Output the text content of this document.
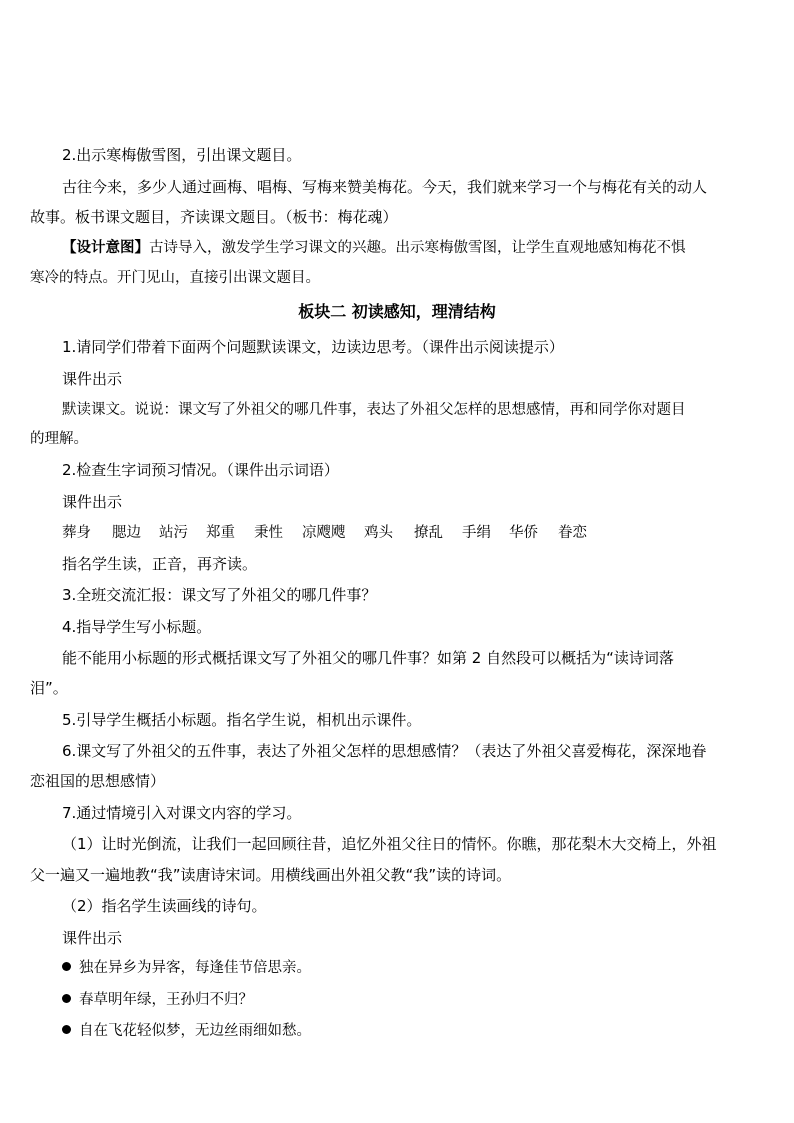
2.出示寒梅傲雪图，引出课文题目。
古往今来，多少人通过画梅、唱梅、写梅来赞美梅花。今天，我们就来学习一个与梅花有关的动人
故事。板书课文题目，齐读课文题目。（板书：梅花魂）
【设计意图】古诗导入，激发学生学习课文的兴趣。出示寒梅傲雪图，让学生直观地感知梅花不惧
寒冷的特点。开门见山，直接引出课文题目。
板块二 初读感知，理清结构
1.请同学们带着下面两个问题默读课文，边读边思考。（课件出示阅读提示）
课件出示
默读课文。说说：课文写了外祖父的哪几件事，表达了外祖父怎样的思想感情，再和同学你对题目
的理解。
2.检查生字词预习情况。（课件出示词语）
课件出示
葬身 腮边 站污 郑重 秉性 凉飕飕 鸡头 撩乱 手绢 华侨 眷恋
指名学生读，正音，再齐读。
3.全班交流汇报：课文写了外祖父的哪几件事？
4.指导学生写小标题。
能不能用小标题的形式概括课文写了外祖父的哪几件事？如第 2 自然段可以概括为“读诗词落
泪”。
5.引导学生概括小标题。指名学生说，相机出示课件。
6.课文写了外祖父的五件事，表达了外祖父怎样的思想感情？（表达了外祖父喜爱梅花，深深地眷
恋祖国的思想感情）
7.通过情境引入对课文内容的学习。
（1）让时光倒流，让我们一起回顾往昔，追忆外祖父往日的情怀。你瞧，那花梨木大交椅上，外祖
父一遍又一遍地教“我”读唐诗宋词。用横线画出外祖父教“我”读的诗词。
（2）指名学生读画线的诗句。
课件出示
独在异乡为异客，每逢佳节倍思亲。
春草明年绿，王孙归不归？
自在飞花轻似梦，无边丝雨细如愁。
